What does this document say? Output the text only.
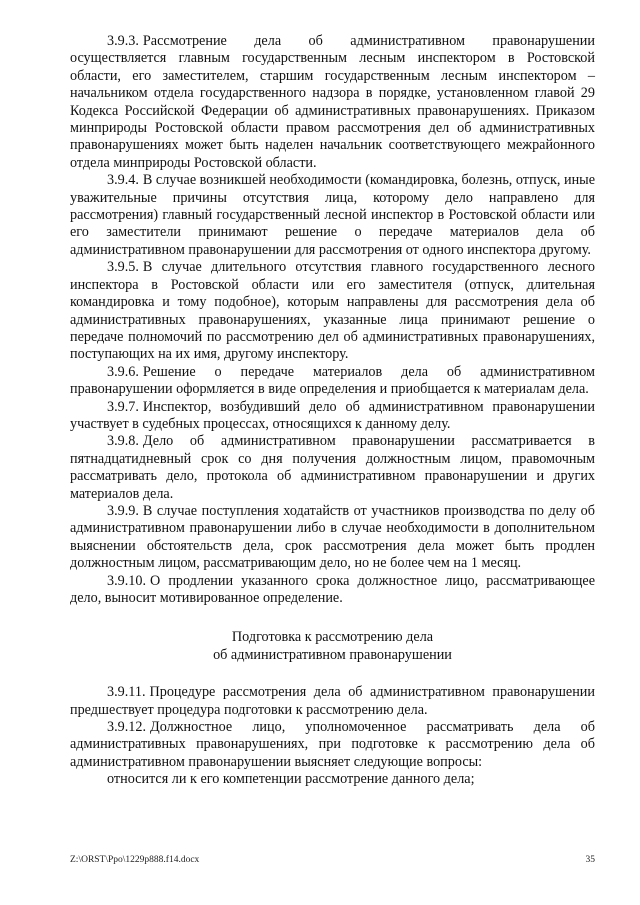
3.9.3. Рассмотрение дела об административном правонарушении осуществляется главным государственным лесным инспектором в Ростовской области, его заместителем, старшим государственным лесным инспектором – начальником отдела государственного надзора в порядке, установленном главой 29 Кодекса Российской Федерации об административных правонарушениях. Приказом минприроды Ростовской области правом рассмотрения дел об административных правонарушениях может быть наделен начальник соответствующего межрайонного отдела минприроды Ростовской области.

3.9.4. В случае возникшей необходимости (командировка, болезнь, отпуск, иные уважительные причины отсутствия лица, которому дело направлено для рассмотрения) главный государственный лесной инспектор в Ростовской области или его заместители принимают решение о передаче материалов дела об административном правонарушении для рассмотрения от одного инспектора другому.

3.9.5. В случае длительного отсутствия главного государственного лесного инспектора в Ростовской области или его заместителя (отпуск, длительная командировка и тому подобное), которым направлены для рассмотрения дела об административных правонарушениях, указанные лица принимают решение о передаче полномочий по рассмотрению дел об административных правонарушениях, поступающих на их имя, другому инспектору.

3.9.6. Решение о передаче материалов дела об административном правонарушении оформляется в виде определения и приобщается к материалам дела.

3.9.7. Инспектор, возбудивший дело об административном правонарушении участвует в судебных процессах, относящихся к данному делу.

3.9.8. Дело об административном правонарушении рассматривается в пятнадцатидневный срок со дня получения должностным лицом, правомочным рассматривать дело, протокола об административном правонарушении и других материалов дела.

3.9.9. В случае поступления ходатайств от участников производства по делу об административном правонарушении либо в случае необходимости в дополнительном выяснении обстоятельств дела, срок рассмотрения дела может быть продлен должностным лицом, рассматривающим дело, но не более чем на 1 месяц.

3.9.10. О продлении указанного срока должностное лицо, рассматривающее дело, выносит мотивированное определение.

Подготовка к рассмотрению дела
об административном правонарушении

3.9.11. Процедуре рассмотрения дела об административном правонарушении предшествует процедура подготовки к рассмотрению дела.

3.9.12. Должностное лицо, уполномоченное рассматривать дела об административных правонарушениях, при подготовке к рассмотрению дела об административном правонарушении выясняет следующие вопросы:

относится ли к его компетенции рассмотрение данного дела;

Z:\ORST\Ppo\1229p888.f14.docx	35
